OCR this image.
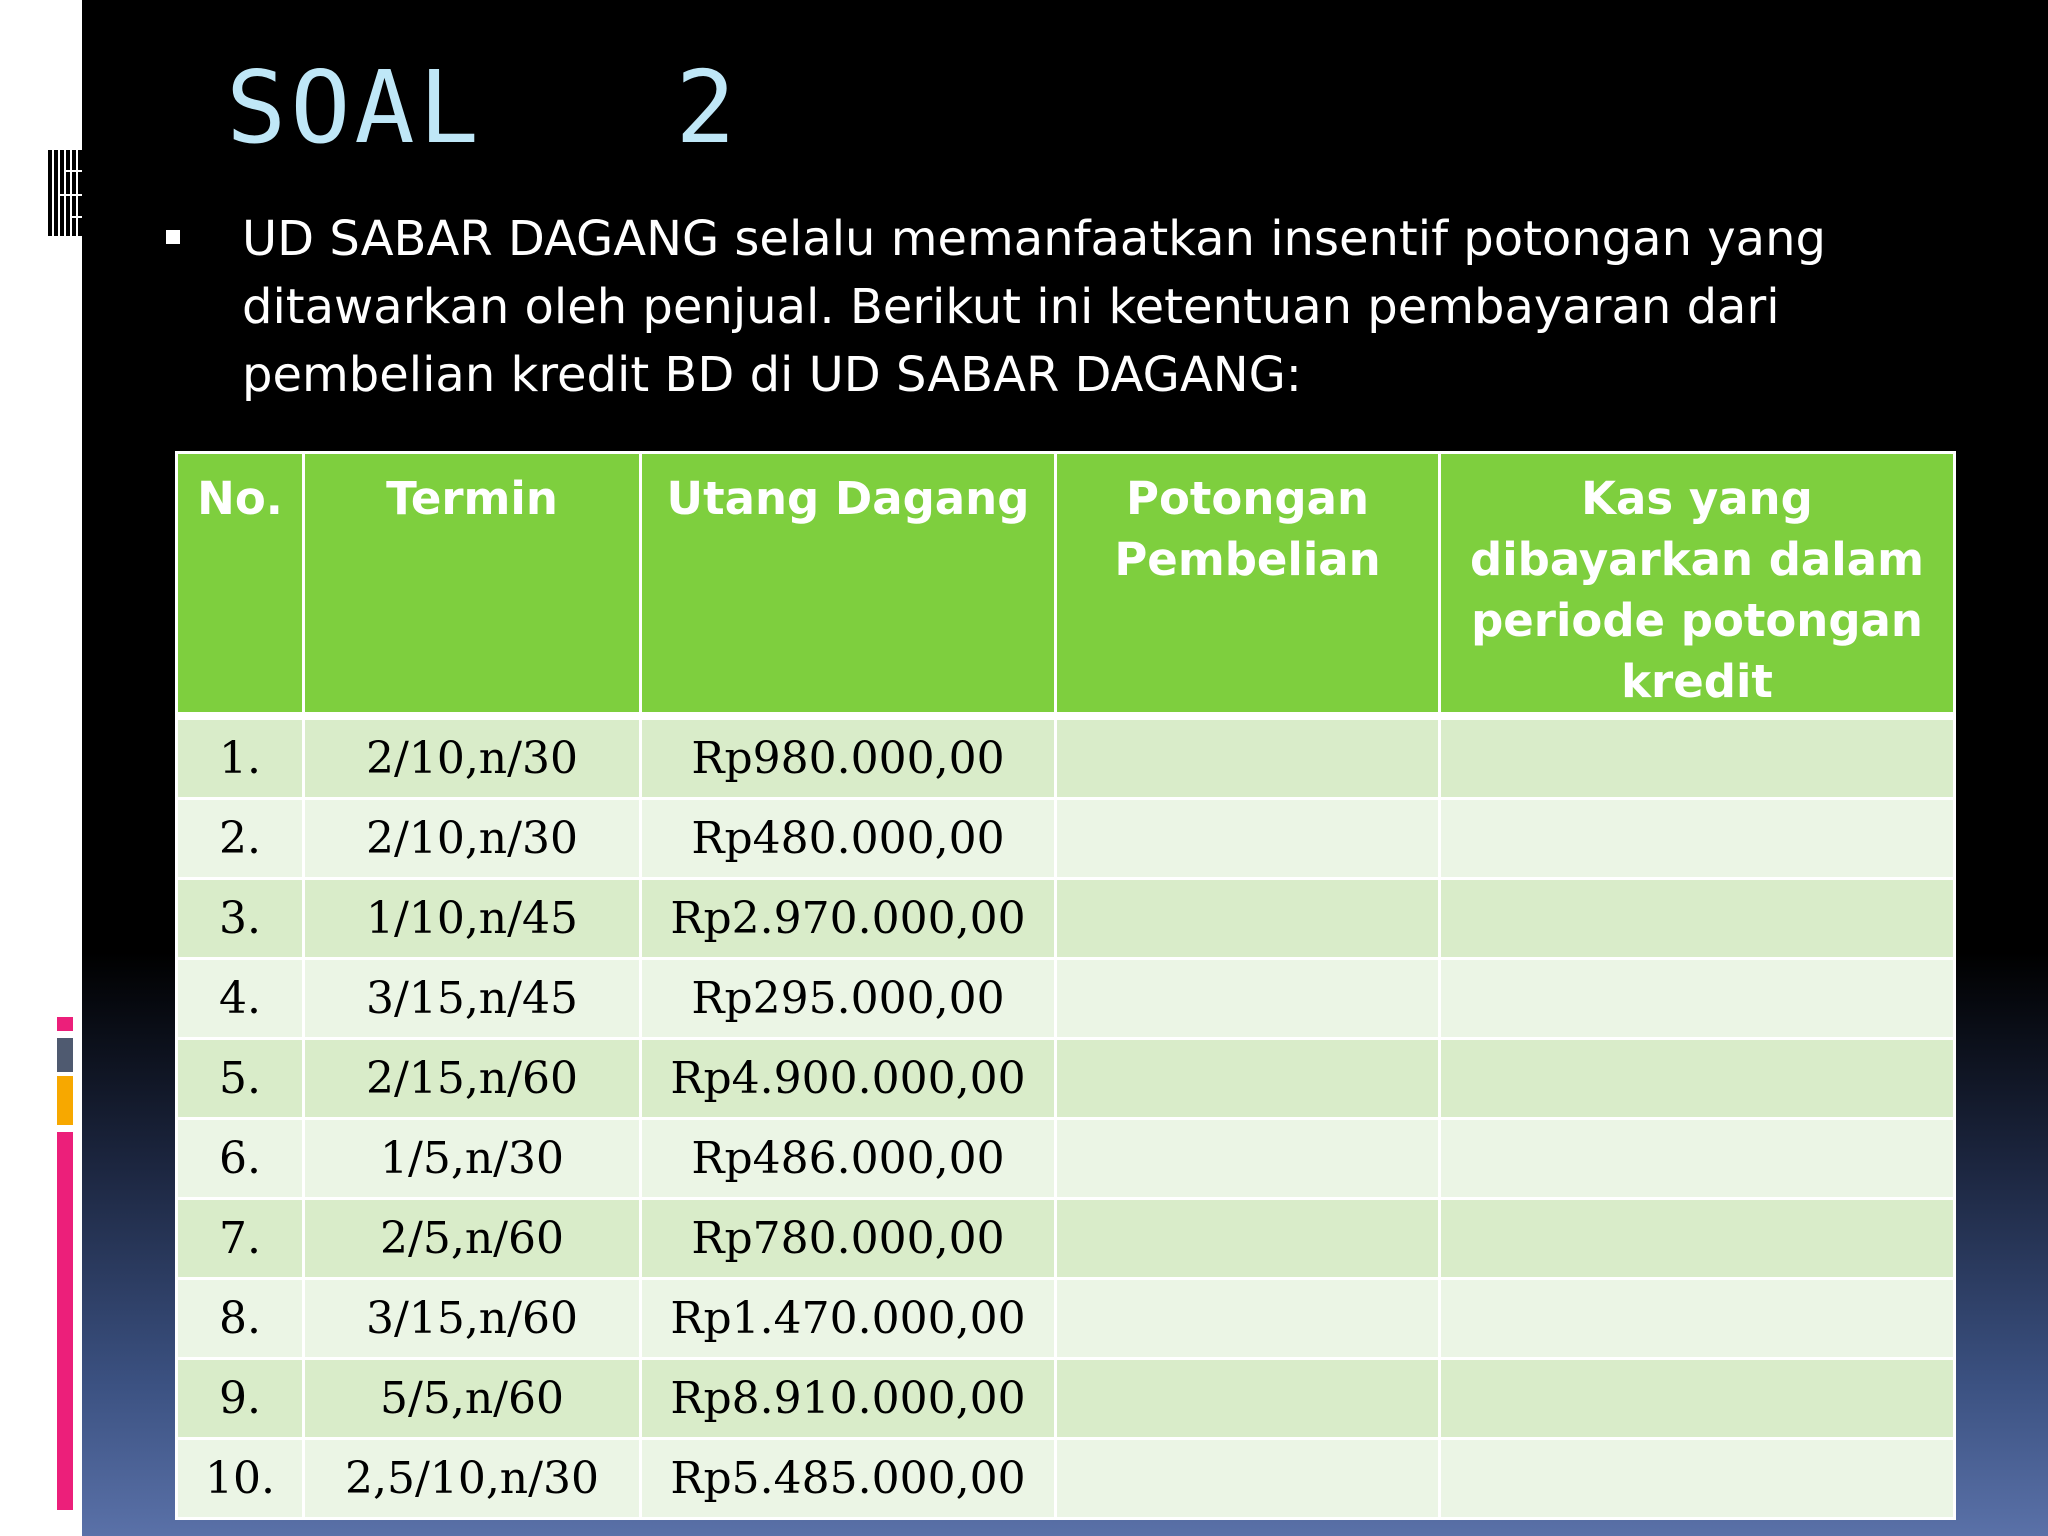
SOAL   2
UD SABAR DAGANG selalu memanfaatkan insentif potongan yang ditawarkan oleh penjual. Berikut ini ketentuan pembayaran dari pembelian kredit BD di UD SABAR DAGANG:
No.	Termin	Utang Dagang	Potongan Pembelian	Kas yang dibayarkan dalam periode potongan kredit
1.	2/10,n/30	Rp980.000,00		
2.	2/10,n/30	Rp480.000,00		
3.	1/10,n/45	Rp2.970.000,00		
4.	3/15,n/45	Rp295.000,00		
5.	2/15,n/60	Rp4.900.000,00		
6.	1/5,n/30	Rp486.000,00		
7.	2/5,n/60	Rp780.000,00		
8.	3/15,n/60	Rp1.470.000,00		
9.	5/5,n/60	Rp8.910.000,00		
10.	2,5/10,n/30	Rp5.485.000,00		
